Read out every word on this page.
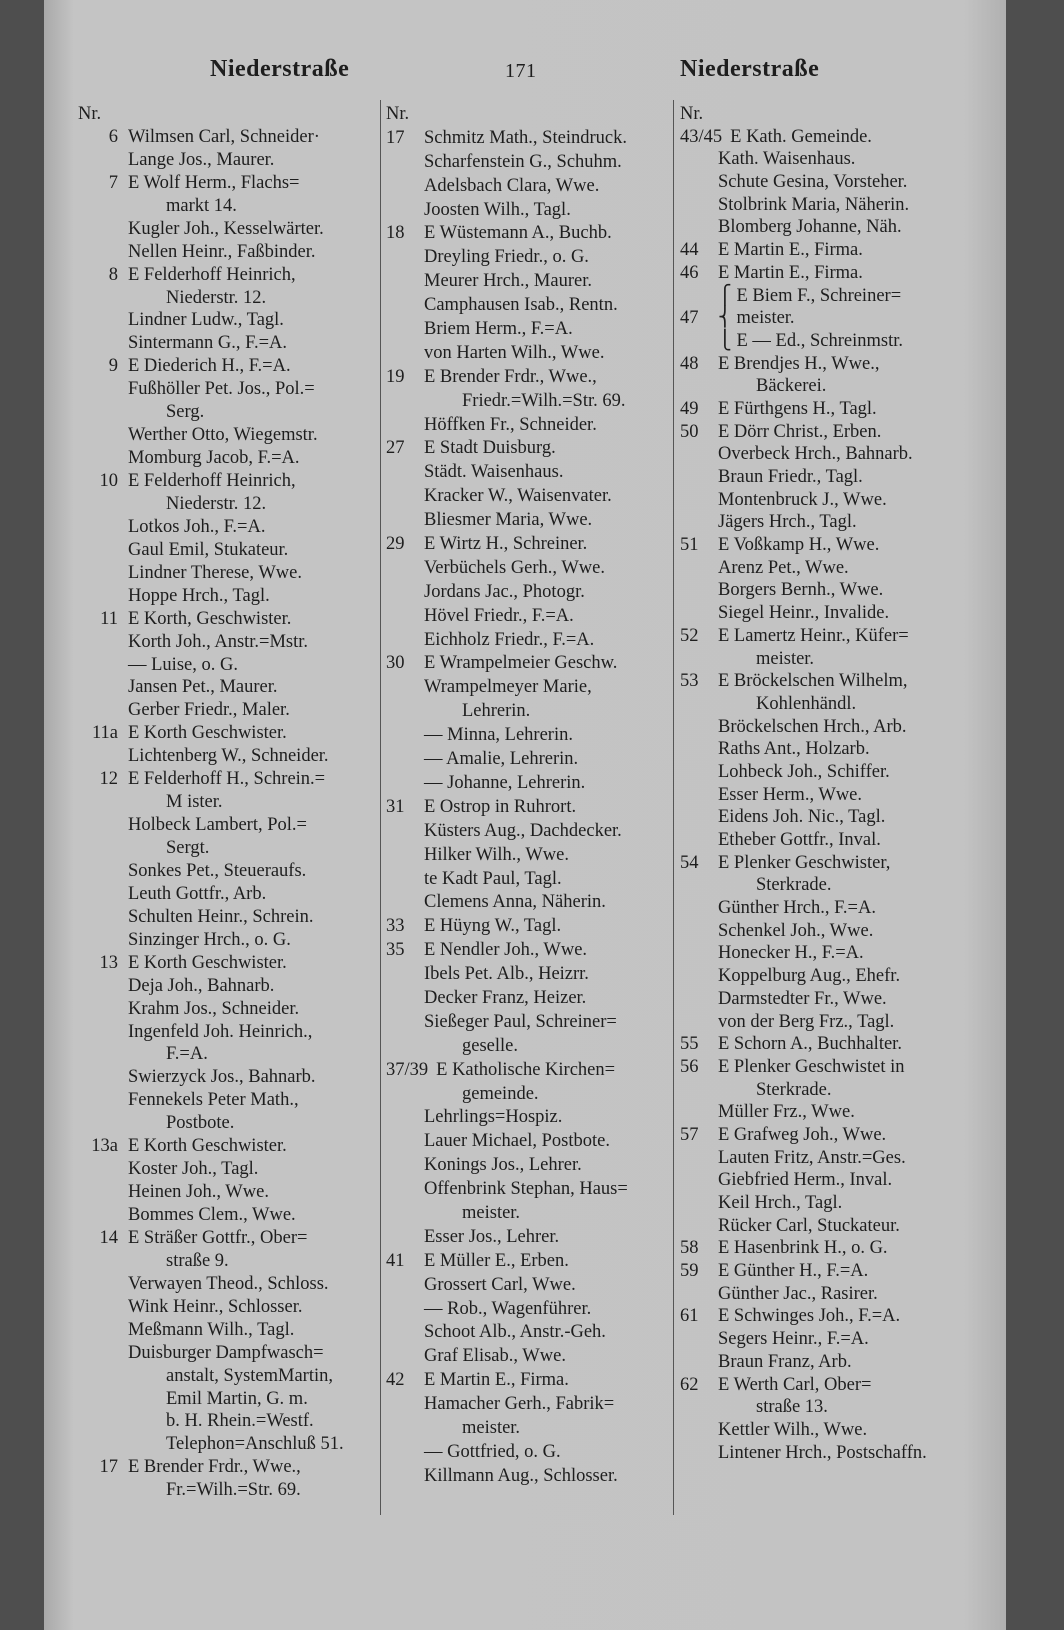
Niederstraße	171	Niederstraße
Nr.
6 Wilmsen Carl, Schneider·
Lange Jos., Maurer.
7 E Wolf Herm., Flachs=
markt 14.
Kugler Joh., Kesselwärter.
Nellen Heinr., Faßbinder.
8 E Felderhoff Heinrich,
Niederstr. 12.
Lindner Ludw., Tagl.
Sintermann G., F.=A.
9 E Diederich H., F.=A.
Fußhöller Pet. Jos., Pol.=
Serg.
Werther Otto, Wiegemstr.
Momburg Jacob, F.=A.
10 E Felderhoff Heinrich,
Niederstr. 12.
Lotkos Joh., F.=A.
Gaul Emil, Stukateur.
Lindner Therese, Wwe.
Hoppe Hrch., Tagl.
11 E Korth, Geschwister.
Korth Joh., Anstr.=Mstr.
— Luise, o. G.
Jansen Pet., Maurer.
Gerber Friedr., Maler.
11a E Korth Geschwister.
Lichtenberg W., Schneider.
12 E Felderhoff H., Schrein.=
M ister.
Holbeck Lambert, Pol.=
Sergt.
Sonkes Pet., Steueraufs.
Leuth Gottfr., Arb.
Schulten Heinr., Schrein.
Sinzinger Hrch., o. G.
13 E Korth Geschwister.
Deja Joh., Bahnarb.
Krahm Jos., Schneider.
Ingenfeld Joh. Heinrich.,
F.=A.
Swierzyck Jos., Bahnarb.
Fennekels Peter Math.,
Postbote.
13a E Korth Geschwister.
Koster Joh., Tagl.
Heinen Joh., Wwe.
Bommes Clem., Wwe.
14 E Sträßer Gottfr., Ober=
straße 9.
Verwayen Theod., Schloss.
Wink Heinr., Schlosser.
Meßmann Wilh., Tagl.
Duisburger Dampfwasch=
anstalt, SystemMartin,
Emil Martin, G. m.
b. H. Rhein.=Westf.
Telephon=Anschluß 51.
17 E Brender Frdr., Wwe.,
Fr.=Wilh.=Str. 69.
Nr.
17 Schmitz Math., Steindruck.
Scharfenstein G., Schuhm.
Adelsbach Clara, Wwe.
Joosten Wilh., Tagl.
18 E Wüstemann A., Buchb.
Dreyling Friedr., o. G.
Meurer Hrch., Maurer.
Camphausen Isab., Rentn.
Briem Herm., F.=A.
von Harten Wilh., Wwe.
19 E Brender Frdr., Wwe.,
Friedr.=Wilh.=Str. 69.
Höffken Fr., Schneider.
27 E Stadt Duisburg.
Städt. Waisenhaus.
Kracker W., Waisenvater.
Bliesmer Maria, Wwe.
29 E Wirtz H., Schreiner.
Verbüchels Gerh., Wwe.
Jordans Jac., Photogr.
Hövel Friedr., F.=A.
Eichholz Friedr., F.=A.
30 E Wrampelmeier Geschw.
Wrampelmeyer Marie,
Lehrerin.
— Minna, Lehrerin.
— Amalie, Lehrerin.
— Johanne, Lehrerin.
31 E Ostrop in Ruhrort.
Küsters Aug., Dachdecker.
Hilker Wilh., Wwe.
te Kadt Paul, Tagl.
Clemens Anna, Näherin.
33 E Hüyng W., Tagl.
35 E Nendler Joh., Wwe.
Ibels Pet. Alb., Heizrr.
Decker Franz, Heizer.
Sießeger Paul, Schreiner=
geselle.
37/39 E Katholische Kirchen=
gemeinde.
Lehrlings=Hospiz.
Lauer Michael, Postbote.
Konings Jos., Lehrer.
Offenbrink Stephan, Haus=
meister.
Esser Jos., Lehrer.
41 E Müller E., Erben.
Grossert Carl, Wwe.
— Rob., Wagenführer.
Schoot Alb., Anstr.-Geh.
Graf Elisab., Wwe.
42 E Martin E., Firma.
Hamacher Gerh., Fabrik=
meister.
— Gottfried, o. G.
Killmann Aug., Schlosser.
Nr.
43/45 E Kath. Gemeinde.
Kath. Waisenhaus.
Schute Gesina, Vorsteher.
Stolbrink Maria, Näherin.
Blomberg Johanne, Näh.
44 E Martin E., Firma.
46 E Martin E., Firma.
⎧ E Biem F., Schreiner=
47 ⎨ meister.
⎩ E — Ed., Schreinmstr.
48 E Brendjes H., Wwe.,
Bäckerei.
49 E Fürthgens H., Tagl.
50 E Dörr Christ., Erben.
Overbeck Hrch., Bahnarb.
Braun Friedr., Tagl.
Montenbruck J., Wwe.
Jägers Hrch., Tagl.
51 E Voßkamp H., Wwe.
Arenz Pet., Wwe.
Borgers Bernh., Wwe.
Siegel Heinr., Invalide.
52 E Lamertz Heinr., Küfer=
meister.
53 E Bröckelschen Wilhelm,
Kohlenhändl.
Bröckelschen Hrch., Arb.
Raths Ant., Holzarb.
Lohbeck Joh., Schiffer.
Esser Herm., Wwe.
Eidens Joh. Nic., Tagl.
Etheber Gottfr., Inval.
54 E Plenker Geschwister,
Sterkrade.
Günther Hrch., F.=A.
Schenkel Joh., Wwe.
Honecker H., F.=A.
Koppelburg Aug., Ehefr.
Darmstedter Fr., Wwe.
von der Berg Frz., Tagl.
55 E Schorn A., Buchhalter.
56 E Plenker Geschwistet in
Sterkrade.
Müller Frz., Wwe.
57 E Grafweg Joh., Wwe.
Lauten Fritz, Anstr.=Ges.
Giebfried Herm., Inval.
Keil Hrch., Tagl.
Rücker Carl, Stuckateur.
58 E Hasenbrink H., o. G.
59 E Günther H., F.=A.
Günther Jac., Rasirer.
61 E Schwinges Joh., F.=A.
Segers Heinr., F.=A.
Braun Franz, Arb.
62 E Werth Carl, Ober=
straße 13.
Kettler Wilh., Wwe.
Lintener Hrch., Postschaffn.
